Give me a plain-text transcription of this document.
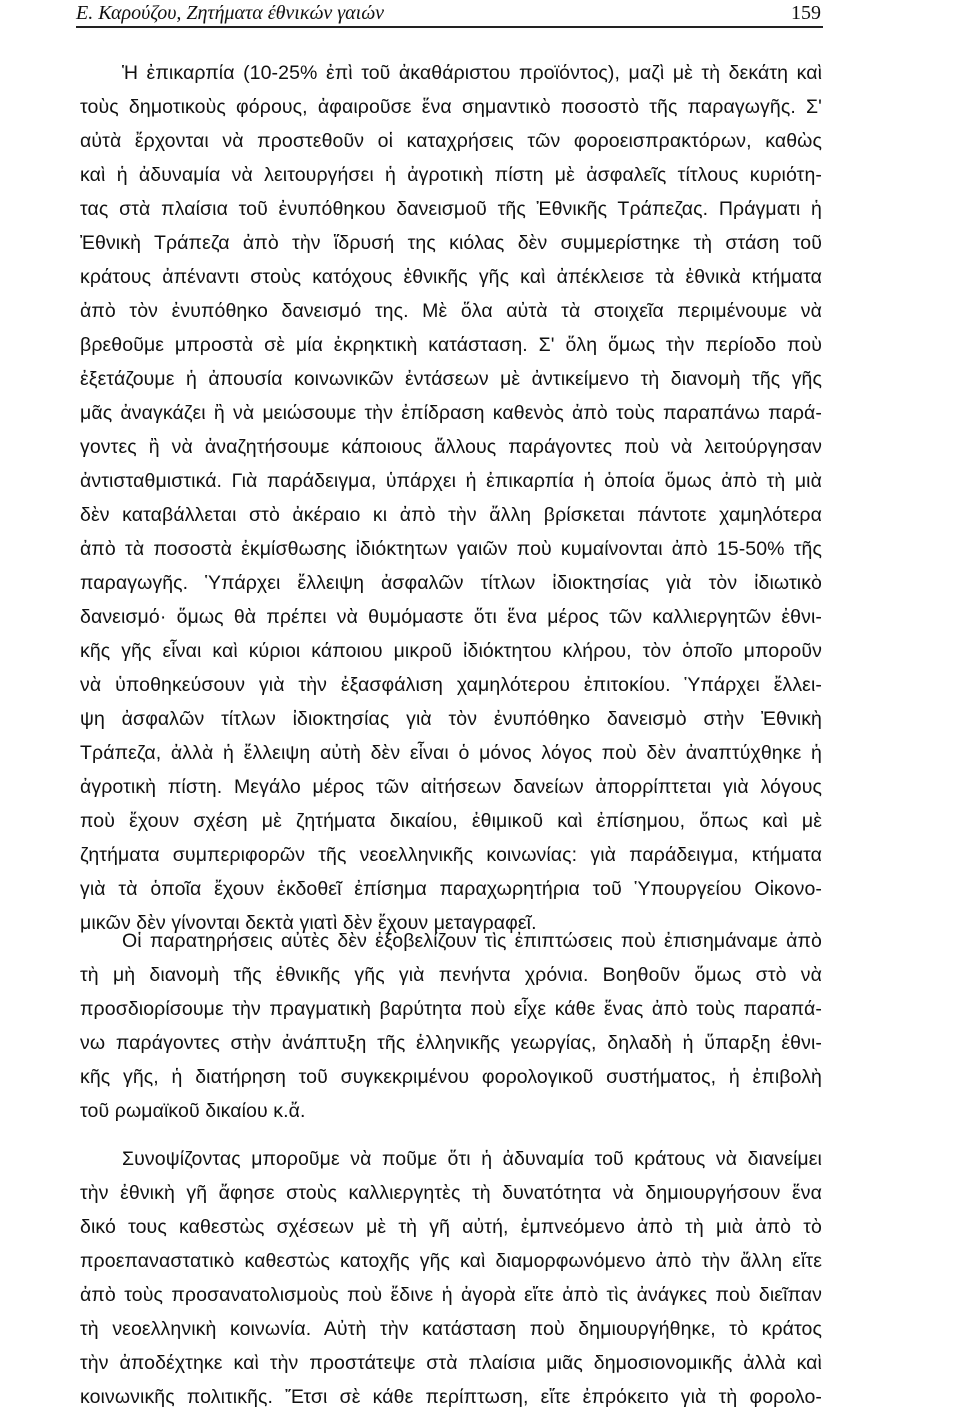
Ε. Καρούζου, Ζητήματα έθνικών γαιών	159
Ἡ ἐπικαρπία (10-25% ἐπὶ τοῦ ἀκαθάριστου προϊόντος), μαζὶ μὲ τὴ δεκάτη καὶ
τοὺς δημοτικοὺς φόρους, ἀφαιροῦσε ἕνα σημαντικὸ ποσοστὸ τῆς παραγωγῆς. Σ'
αὐτὰ ἔρχονται νὰ προστεθοῦν οἱ καταχρήσεις τῶν φοροεισπρακτόρων, καθὼς
καὶ ἡ ἀδυναμία νὰ λειτουργήσει ἡ ἀγροτικὴ πίστη μὲ ἀσφαλεῖς τίτλους κυριότη-
τας στὰ πλαίσια τοῦ ἐνυπόθηκου δανεισμοῦ τῆς Ἐθνικῆς Τράπεζας. Πράγματι ἡ
Ἐθνικὴ Τράπεζα ἀπὸ τὴν ἵδρυσή της κιόλας δὲν συμμερίστηκε τὴ στάση τοῦ
κράτους ἀπέναντι στοὺς κατόχους ἐθνικῆς γῆς καὶ ἀπέκλεισε τὰ ἐθνικὰ κτήματα
ἀπὸ τὸν ἐνυπόθηκο δανεισμό της. Μὲ ὅλα αὐτὰ τὰ στοιχεῖα περιμένουμε νὰ
βρεθοῦμε μπροστὰ σὲ μία ἐκρηκτικὴ κατάσταση. Σ' ὅλη ὅμως τὴν περίοδο ποὺ
ἐξετάζουμε ἡ ἀπουσία κοινωνικῶν ἐντάσεων μὲ ἀντικείμενο τὴ διανομὴ τῆς γῆς
μᾶς ἀναγκάζει ἢ νὰ μειώσουμε τὴν ἐπίδραση καθενὸς ἀπὸ τοὺς παραπάνω παρά-
γοντες ἢ νὰ ἀναζητήσουμε κάποιους ἄλλους παράγοντες ποὺ νὰ λειτούργησαν
ἀντισταθμιστικά. Γιὰ παράδειγμα, ὑπάρχει ἡ ἐπικαρπία ἡ ὁποία ὅμως ἀπὸ τὴ μιὰ
δὲν καταβάλλεται στὸ ἀκέραιο κι ἀπὸ τὴν ἄλλη βρίσκεται πάντοτε χαμηλότερα
ἀπὸ τὰ ποσοστὰ ἐκμίσθωσης ἰδιόκτητων γαιῶν ποὺ κυμαίνονται ἀπὸ 15-50% τῆς
παραγωγῆς. Ὑπάρχει ἔλλειψη ἀσφαλῶν τίτλων ἰδιοκτησίας γιὰ τὸν ἰδιωτικὸ
δανεισμό· ὅμως θὰ πρέπει νὰ θυμόμαστε ὅτι ἕνα μέρος τῶν καλλιεργητῶν ἐθνι-
κῆς γῆς εἶναι καὶ κύριοι κάποιου μικροῦ ἰδιόκτητου κλήρου, τὸν ὁποῖο μποροῦν
νὰ ὑποθηκεύσουν γιὰ τὴν ἐξασφάλιση χαμηλότερου ἐπιτοκίου. Ὑπάρχει ἔλλει-
ψη ἀσφαλῶν τίτλων ἰδιοκτησίας γιὰ τὸν ἐνυπόθηκο δανεισμὸ στὴν Ἐθνικὴ
Τράπεζα, ἀλλὰ ἡ ἔλλειψη αὐτὴ δὲν εἶναι ὁ μόνος λόγος ποὺ δὲν ἀναπτύχθηκε ἡ
ἀγροτικὴ πίστη. Μεγάλο μέρος τῶν αἰτήσεων δανείων ἀπορρίπτεται γιὰ λόγους
ποὺ ἔχουν σχέση μὲ ζητήματα δικαίου, ἐθιμικοῦ καὶ ἐπίσημου, ὅπως καὶ μὲ
ζητήματα συμπεριφορῶν τῆς νεοελληνικῆς κοινωνίας: γιὰ παράδειγμα, κτήματα
γιὰ τὰ ὁποῖα ἔχουν ἐκδοθεῖ ἐπίσημα παραχωρητήρια τοῦ Ὑπουργείου Οἰκονο-
μικῶν δὲν γίνονται δεκτὰ γιατὶ δὲν ἔχουν μεταγραφεῖ.
Οἱ παρατηρήσεις αὐτὲς δὲν ἐξοβελίζουν τὶς ἐπιπτώσεις ποὺ ἐπισημάναμε ἀπὸ
τὴ μὴ διανομὴ τῆς ἐθνικῆς γῆς γιὰ πενήντα χρόνια. Βοηθοῦν ὅμως στὸ νὰ
προσδιορίσουμε τὴν πραγματικὴ βαρύτητα ποὺ εἶχε κάθε ἕνας ἀπὸ τοὺς παραπά-
νω παράγοντες στὴν ἀνάπτυξη τῆς ἑλληνικῆς γεωργίας, δηλαδὴ ἡ ὕπαρξη ἐθνι-
κῆς γῆς, ἡ διατήρηση τοῦ συγκεκριμένου φορολογικοῦ συστήματος, ἡ ἐπιβολὴ
τοῦ ρωμαϊκοῦ δικαίου κ.ἄ.
Συνοψίζοντας μποροῦμε νὰ ποῦμε ὅτι ἡ ἀδυναμία τοῦ κράτους νὰ διανείμει
τὴν ἐθνικὴ γῆ ἄφησε στοὺς καλλιεργητὲς τὴ δυνατότητα νὰ δημιουργήσουν ἕνα
δικό τους καθεστὼς σχέσεων μὲ τὴ γῆ αὐτή, ἐμπνεόμενο ἀπὸ τὴ μιὰ ἀπὸ τὸ
προεπαναστατικὸ καθεστὼς κατοχῆς γῆς καὶ διαμορφωνόμενο ἀπὸ τὴν ἄλλη εἴτε
ἀπὸ τοὺς προσανατολισμοὺς ποὺ ἔδινε ἡ ἀγορὰ εἴτε ἀπὸ τὶς ἀνάγκες ποὺ διεῖπαν
τὴ νεοελληνικὴ κοινωνία. Αὐτὴ τὴν κατάσταση ποὺ δημιουργήθηκε, τὸ κράτος
τὴν ἀποδέχτηκε καὶ τὴν προστάτεψε στὰ πλαίσια μιᾶς δημοσιονομικῆς ἀλλὰ καὶ
κοινωνικῆς πολιτικῆς. Ἔτσι σὲ κάθε περίπτωση, εἴτε ἐπρόκειτο γιὰ τὴ φορολο-
